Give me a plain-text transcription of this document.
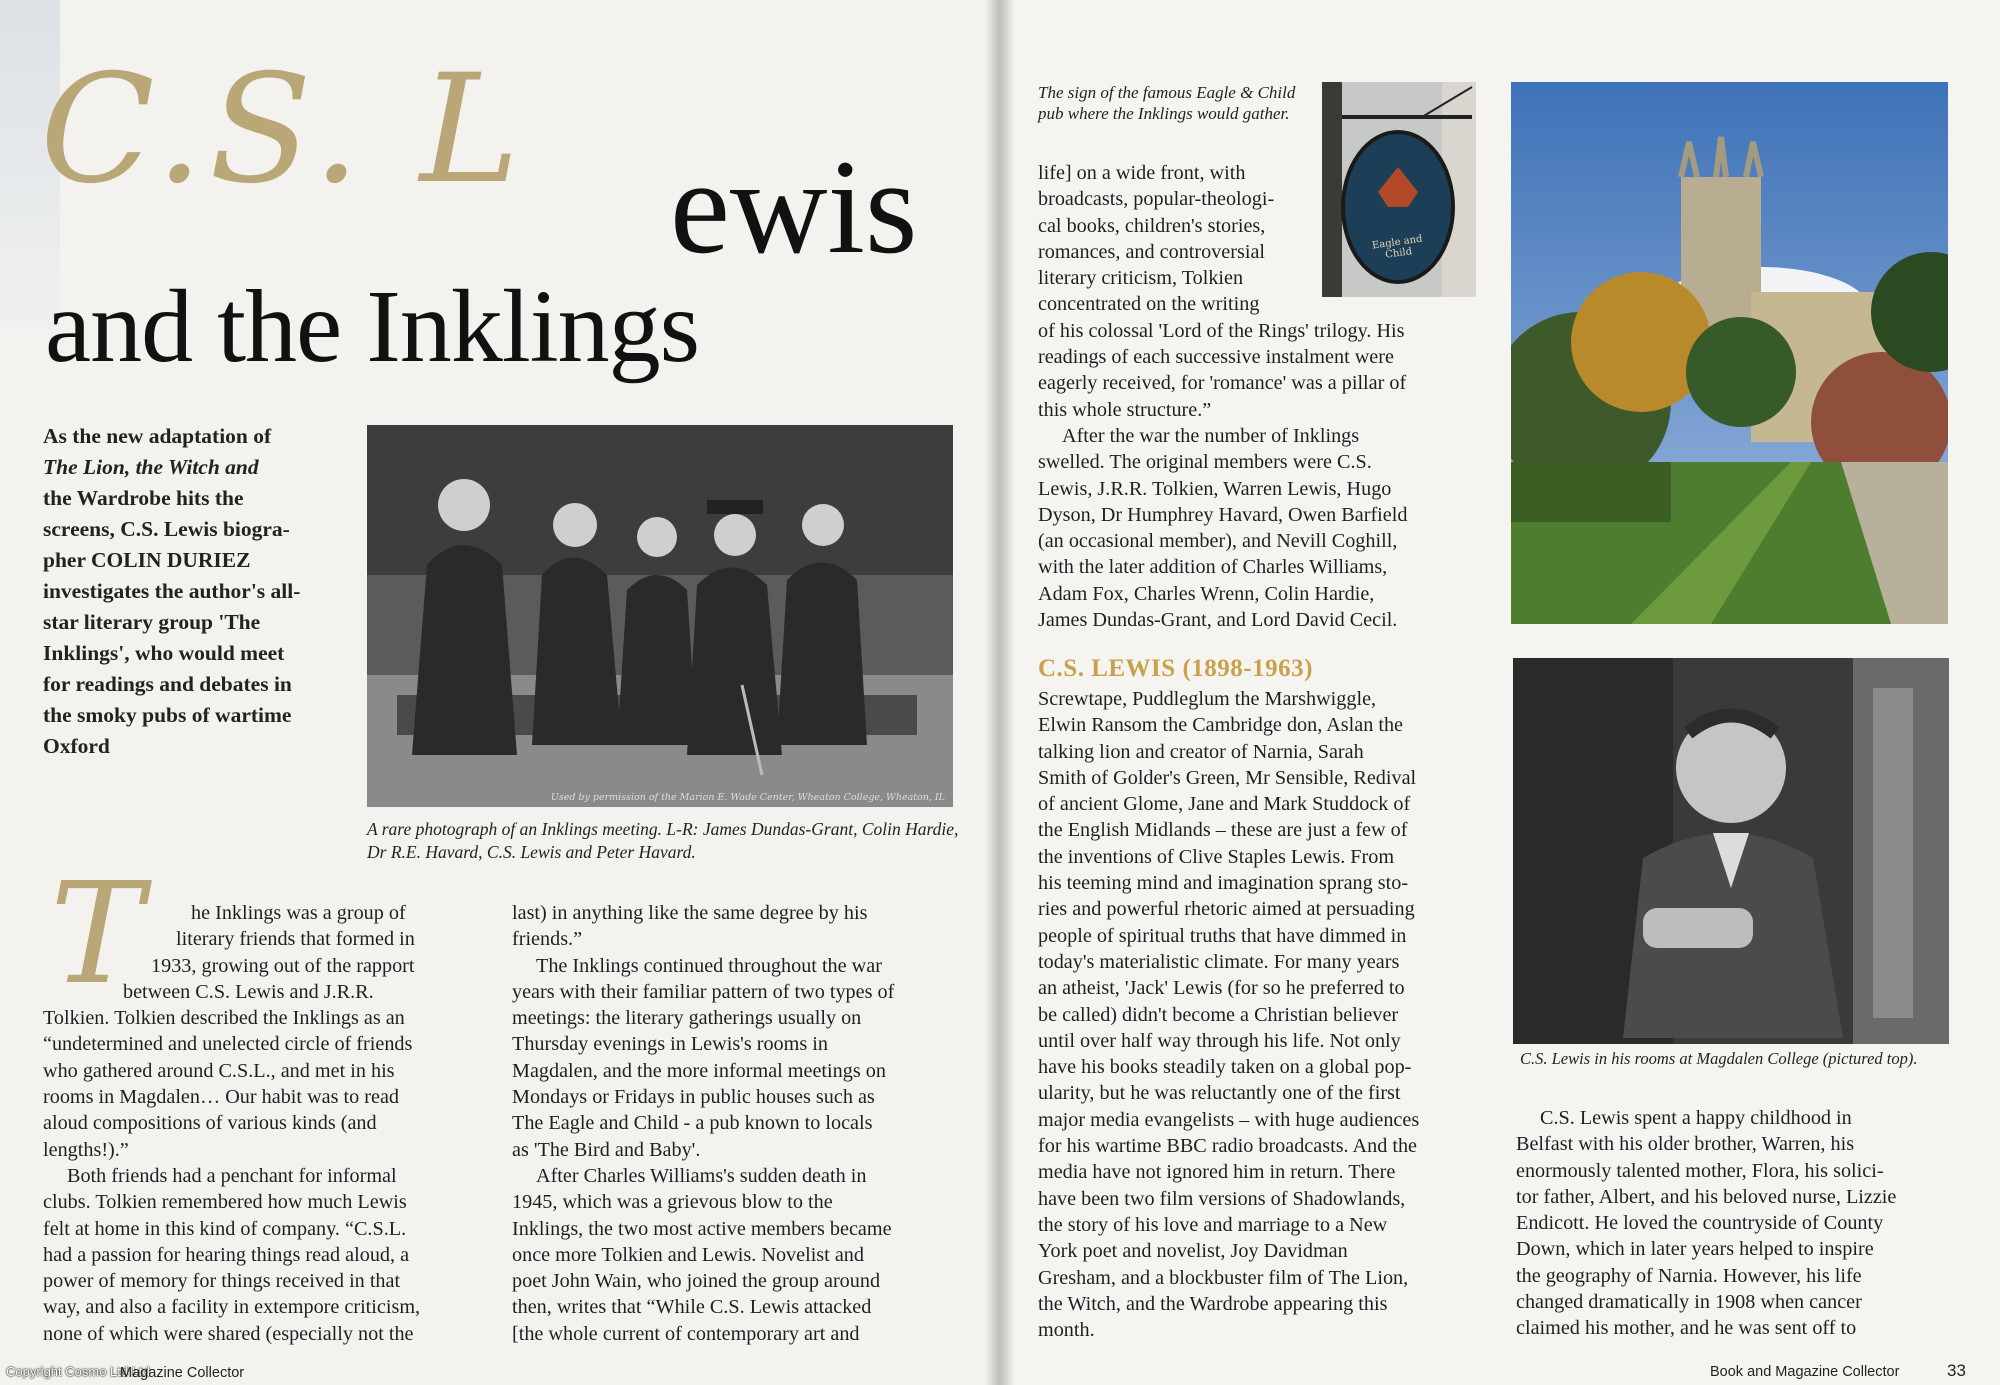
C.S. L ewis
and the Inklings
As the new adaptation of
The Lion, the Witch and
the Wardrobe hits the
screens, C.S. Lewis biogra-
pher COLIN DURIEZ
investigates the author's all-
star literary group 'The
Inklings', who would meet
for readings and debates in
the smoky pubs of wartime
Oxford
Used by permission of the Marion E. Wade Center, Wheaton College, Wheaton, IL
A rare photograph of an Inklings meeting. L-R: James Dundas-Grant, Colin Hardie,
Dr R.E. Havard, C.S. Lewis and Peter Havard.
T	he Inklings was a group of
literary friends that formed in
1933, growing out of the rapport
between C.S. Lewis and J.R.R.
Tolkien. Tolkien described the Inklings as an
“undetermined and unelected circle of friends
who gathered around C.S.L., and met in his
rooms in Magdalen… Our habit was to read
aloud compositions of various kinds (and
lengths!).”
Both friends had a penchant for informal
clubs. Tolkien remembered how much Lewis
felt at home in this kind of company. “C.S.L.
had a passion for hearing things read aloud, a
power of memory for things received in that
way, and also a facility in extempore criticism,
none of which were shared (especially not the
last) in anything like the same degree by his
friends.”
The Inklings continued throughout the war
years with their familiar pattern of two types of
meetings: the literary gatherings usually on
Thursday evenings in Lewis's rooms in
Magdalen, and the more informal meetings on
Mondays or Fridays in public houses such as
The Eagle and Child - a pub known to locals
as 'The Bird and Baby'.
After Charles Williams's sudden death in
1945, which was a grievous blow to the
Inklings, the two most active members became
once more Tolkien and Lewis. Novelist and
poet John Wain, who joined the group around
then, writes that “While C.S. Lewis attacked
[the whole current of contemporary art and
Copyright Cosmo Ltd Ltd
Magazine Collector
The sign of the famous Eagle & Child
pub where the Inklings would gather.
Eagle and Child
life] on a wide front, with
broadcasts, popular-theologi-
cal books, children's stories,
romances, and controversial
literary criticism, Tolkien
concentrated on the writing
of his colossal 'Lord of the Rings' trilogy. His
readings of each successive instalment were
eagerly received, for 'romance' was a pillar of
this whole structure.”
After the war the number of Inklings
swelled. The original members were C.S.
Lewis, J.R.R. Tolkien, Warren Lewis, Hugo
Dyson, Dr Humphrey Havard, Owen Barfield
(an occasional member), and Nevill Coghill,
with the later addition of Charles Williams,
Adam Fox, Charles Wrenn, Colin Hardie,
James Dundas-Grant, and Lord David Cecil.
C.S. LEWIS (1898-1963)
Screwtape, Puddleglum the Marshwiggle,
Elwin Ransom the Cambridge don, Aslan the
talking lion and creator of Narnia, Sarah
Smith of Golder's Green, Mr Sensible, Redival
of ancient Glome, Jane and Mark Studdock of
the English Midlands – these are just a few of
the inventions of Clive Staples Lewis. From
his teeming mind and imagination sprang sto-
ries and powerful rhetoric aimed at persuading
people of spiritual truths that have dimmed in
today's materialistic climate. For many years
an atheist, 'Jack' Lewis (for so he preferred to
be called) didn't become a Christian believer
until over half way through his life. Not only
have his books steadily taken on a global pop-
ularity, but he was reluctantly one of the first
major media evangelists – with huge audiences
for his wartime BBC radio broadcasts. And the
media have not ignored him in return. There
have been two film versions of Shadowlands,
the story of his love and marriage to a New
York poet and novelist, Joy Davidman
Gresham, and a blockbuster film of The Lion,
the Witch, and the Wardrobe appearing this
month.
C.S. Lewis in his rooms at Magdalen College (pictured top).
C.S. Lewis spent a happy childhood in
Belfast with his older brother, Warren, his
enormously talented mother, Flora, his solici-
tor father, Albert, and his beloved nurse, Lizzie
Endicott. He loved the countryside of County
Down, which in later years helped to inspire
the geography of Narnia. However, his life
changed dramatically in 1908 when cancer
claimed his mother, and he was sent off to
Book and Magazine Collector	33
